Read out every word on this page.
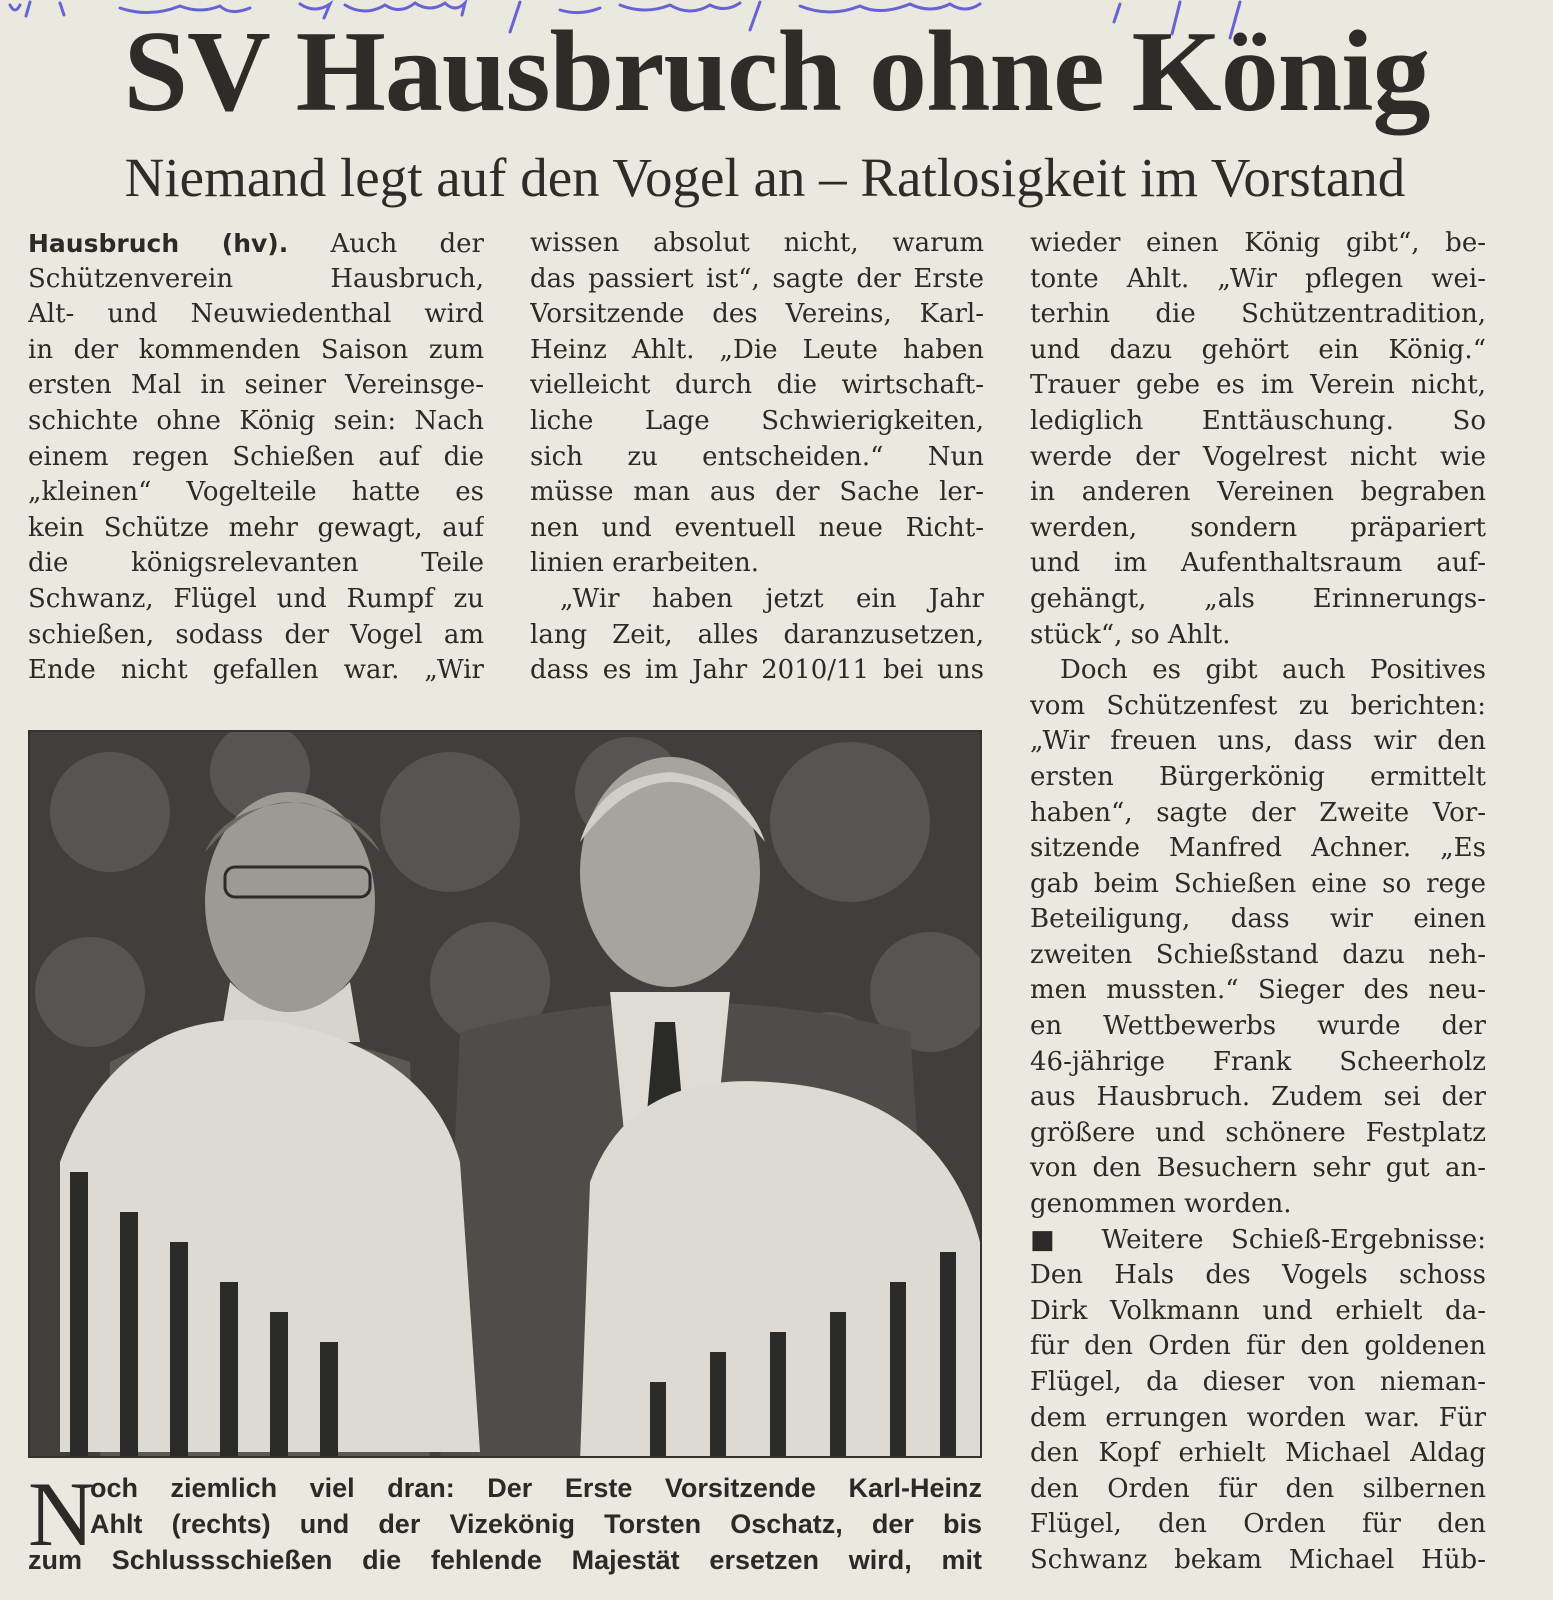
SV Hausbruch ohne König
Niemand legt auf den Vogel an – Ratlosigkeit im Vorstand
Hausbruch (hv). Auch der
Schützenverein Hausbruch,
Alt- und Neuwiedenthal wird
in der kommenden Saison zum
ersten Mal in seiner Vereinsge-
schichte ohne König sein: Nach
einem regen Schießen auf die
„kleinen“ Vogelteile hatte es
kein Schütze mehr gewagt, auf
die königsrelevanten Teile
Schwanz, Flügel und Rumpf zu
schießen, sodass der Vogel am
Ende nicht gefallen war. „Wir
wissen absolut nicht, warum
das passiert ist“, sagte der Erste
Vorsitzende des Vereins, Karl-
Heinz Ahlt. „Die Leute haben
vielleicht durch die wirtschaft-
liche Lage Schwierigkeiten,
sich zu entscheiden.“ Nun
müsse man aus der Sache ler-
nen und eventuell neue Richt-
linien erarbeiten.
„Wir haben jetzt ein Jahr
lang Zeit, alles daranzusetzen,
dass es im Jahr 2010/11 bei uns
wieder einen König gibt“, be-
tonte Ahlt. „Wir pflegen wei-
terhin die Schützentradition,
und dazu gehört ein König.“
Trauer gebe es im Verein nicht,
lediglich Enttäuschung. So
werde der Vogelrest nicht wie
in anderen Vereinen begraben
werden, sondern präpariert
und im Aufenthaltsraum auf-
gehängt, „als Erinnerungs-
stück“, so Ahlt.
Doch es gibt auch Positives
vom Schützenfest zu berichten:
„Wir freuen uns, dass wir den
ersten Bürgerkönig ermittelt
haben“, sagte der Zweite Vor-
sitzende Manfred Achner. „Es
gab beim Schießen eine so rege
Beteiligung, dass wir einen
zweiten Schießstand dazu neh-
men mussten.“ Sieger des neu-
en Wettbewerbs wurde der
46-jährige Frank Scheerholz
aus Hausbruch. Zudem sei der
größere und schönere Festplatz
von den Besuchern sehr gut an-
genommen worden.
■ Weitere Schieß-Ergebnisse:
Den Hals des Vogels schoss
Dirk Volkmann und erhielt da-
für den Orden für den goldenen
Flügel, da dieser von nieman-
dem errungen worden war. Für
den Kopf erhielt Michael Aldag
den Orden für den silbernen
Flügel, den Orden für den
Schwanz bekam Michael Hüb-
N
och ziemlich viel dran: Der Erste Vorsitzende Karl-Heinz
Ahlt (rechts) und der Vizekönig Torsten Oschatz, der bis
zum Schlussschießen die fehlende Majestät ersetzen wird, mit
